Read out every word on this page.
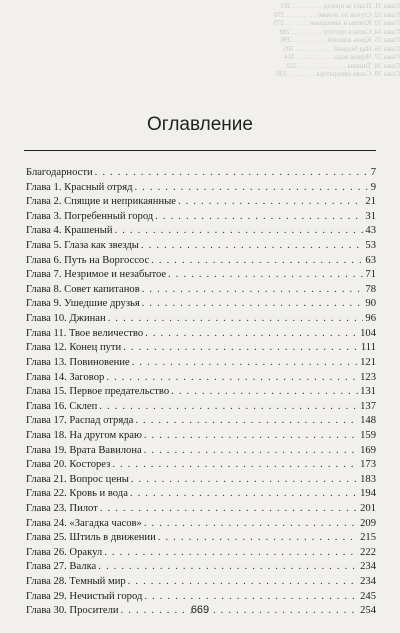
Глава 31. Плата за проезд . . . . . . . . . 261
Глава 32. Ступая по лезвию . . . . . . . . . 270
Глава 33. Клятвы и завещания . . . . . . . 279
Глава 34. Снова в пустоту . . . . . . . . . 288
Глава 35. Кровь королей . . . . . . . . . . 296
Глава 36. Над бездной . . . . . . . . . . . 305
Глава 37. Черная вода . . . . . . . . . . . 314
Глава 38. Тишина . . . . . . . . . . . . . . 322
Глава 39. Слово императора . . . . . . . . 330
Оглавление
Благодарности . . .	7
Глава 1. Красный отряд . . .	9
Глава 2. Спящие и неприкаянные . . .	21
Глава 3. Погребенный город . . .	31
Глава 4. Крашеный . . .	43
Глава 5. Глаза как звезды . . .	53
Глава 6. Путь на Воргоссос . . .	63
Глава 7. Незримое и незабытое . . .	71
Глава 8. Совет капитанов . . .	78
Глава 9. Ушедшие друзья . . .	90
Глава 10. Джинан . . .	96
Глава 11. Твое величество . . .	104
Глава 12. Конец пути . . .	111
Глава 13. Повиновение . . .	121
Глава 14. Заговор . . .	123
Глава 15. Первое предательство . . .	131
Глава 16. Склеп . . .	137
Глава 17. Распад отряда . . .	148
Глава 18. На другом краю . . .	159
Глава 19. Врата Вавилона . . .	169
Глава 20. Косторез . . .	173
Глава 21. Вопрос цены . . .	183
Глава 22. Кровь и вода . . .	194
Глава 23. Пилот . . .	201
Глава 24. «Загадка часов» . . .	209
Глава 25. Штиль в движении . . .	215
Глава 26. Оракул . . .	222
Глава 27. Валка . . .	234
Глава 28. Темный мир . . .	234
Глава 29. Нечистый город . . .	245
Глава 30. Просители . . .	254
669
